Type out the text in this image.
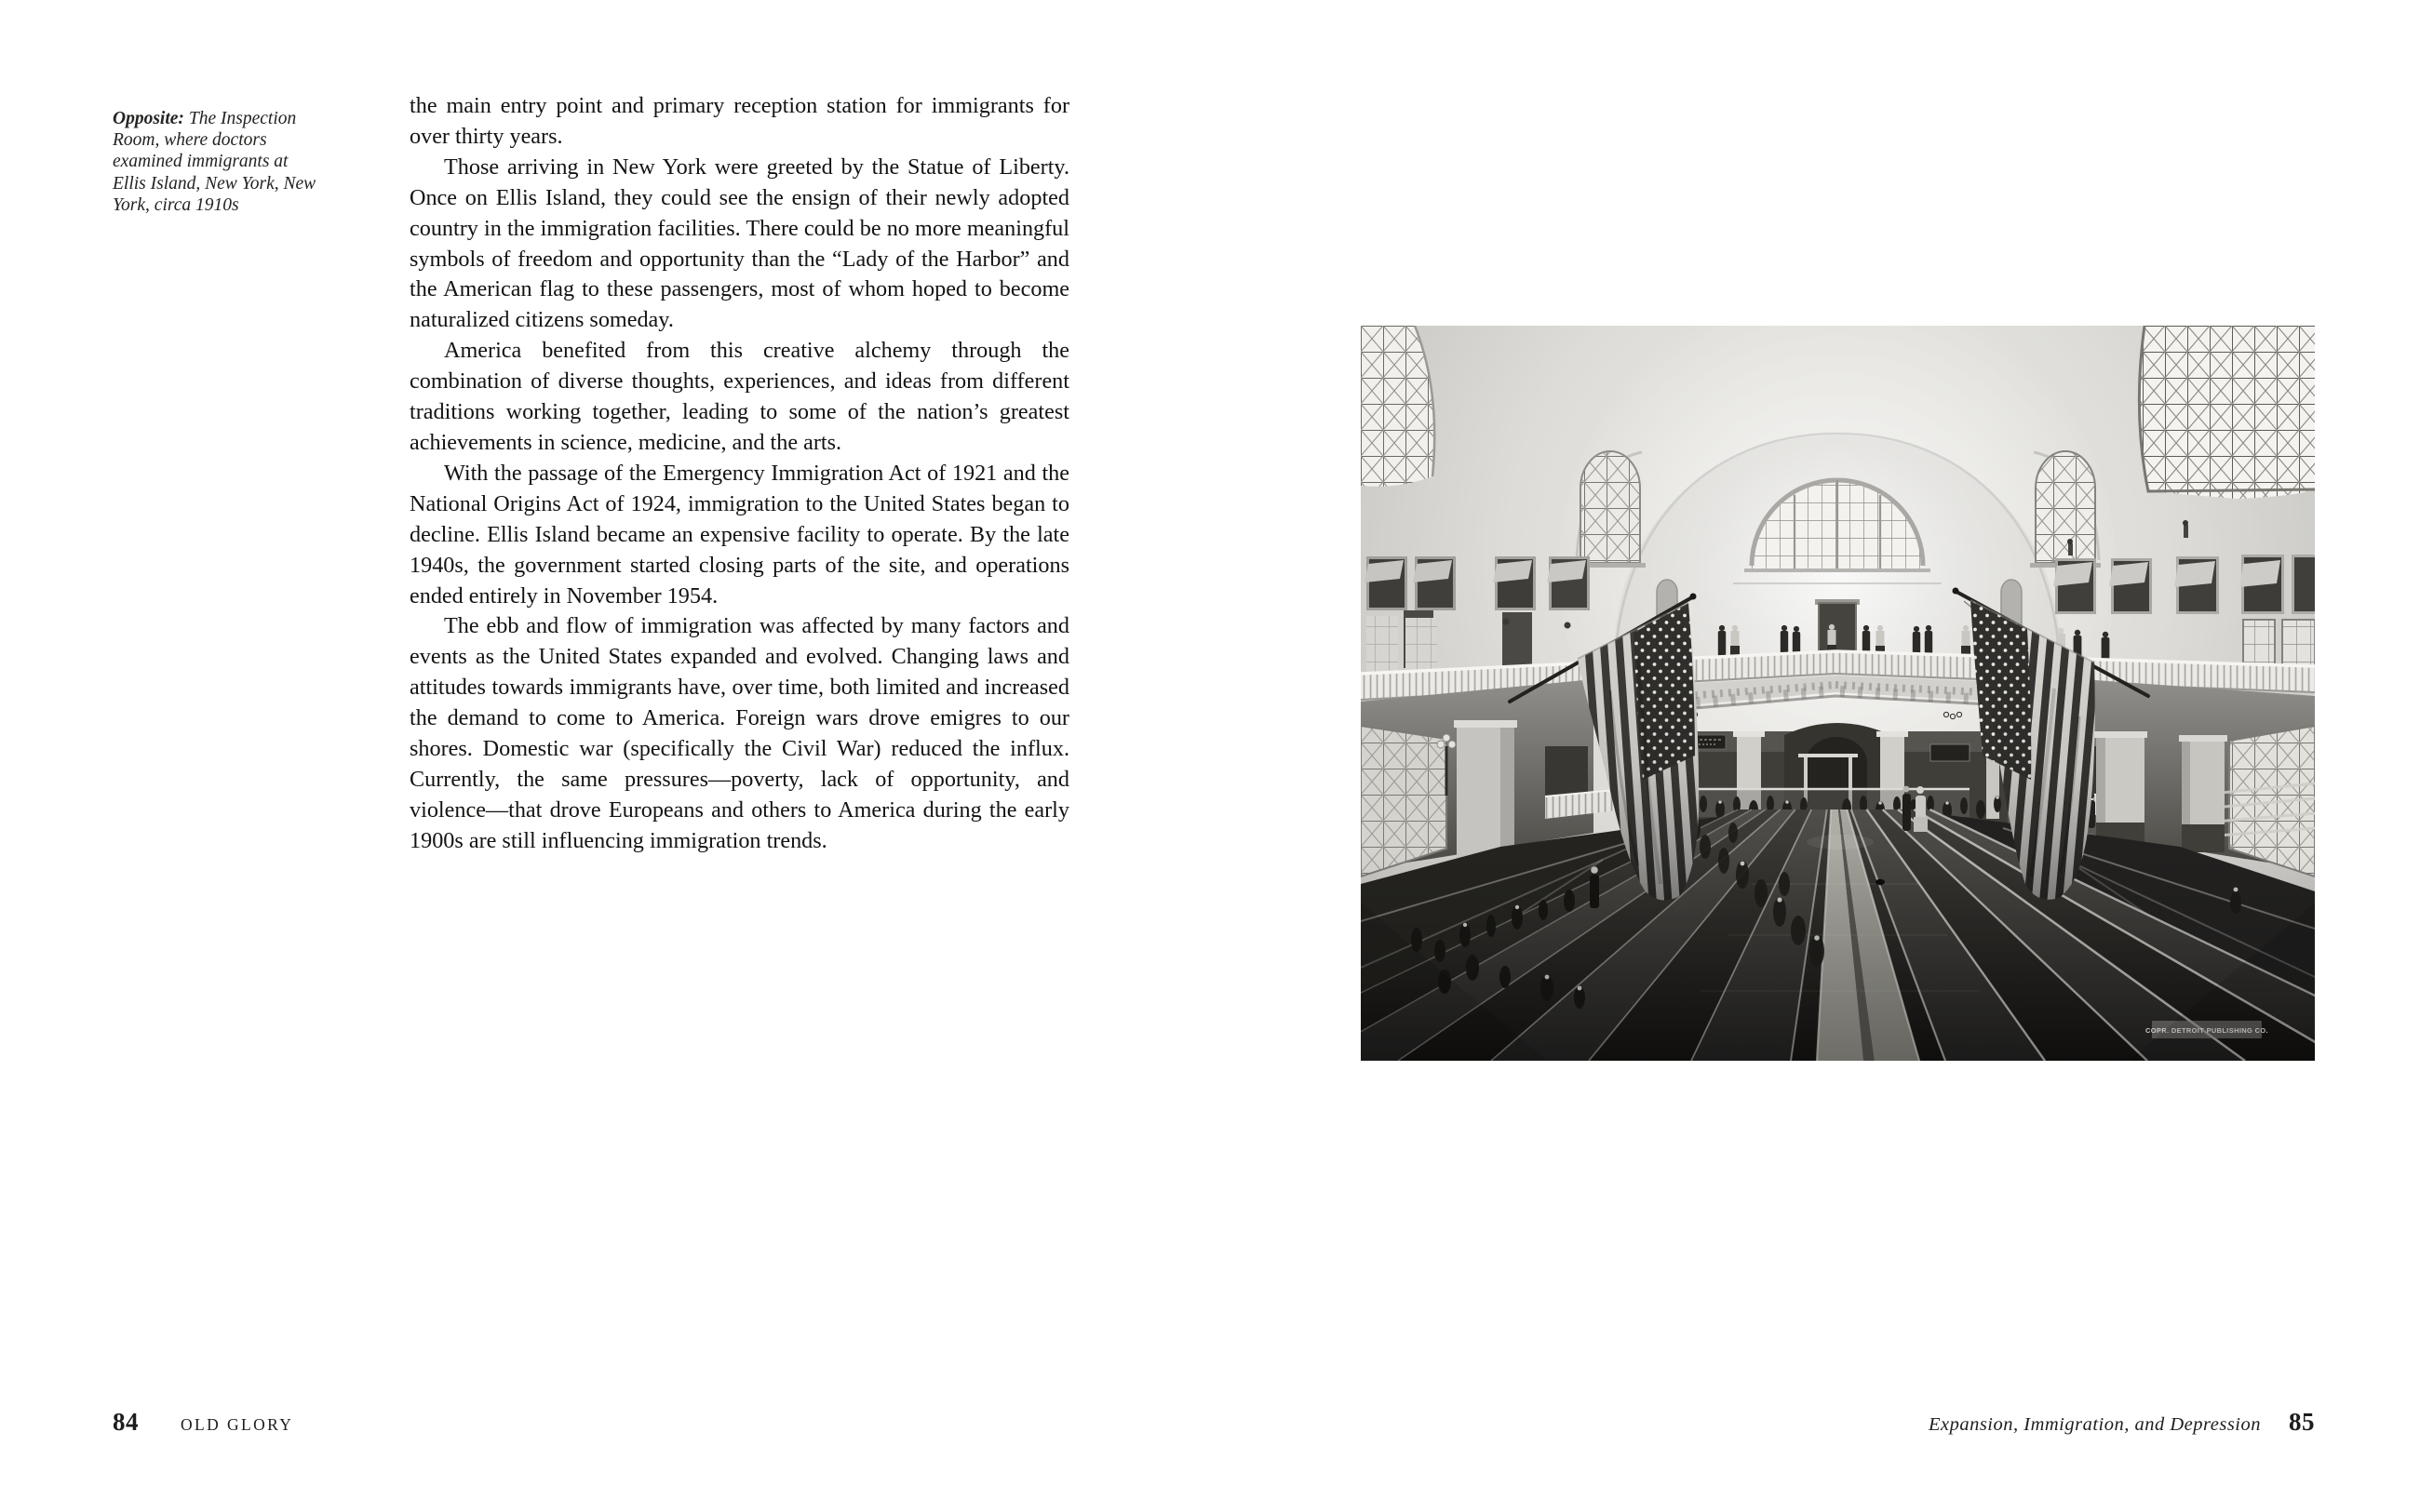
Opposite: The Inspection Room, where doctors examined immigrants at Ellis Island, New York, New York, circa 1910s

the main entry point and primary reception station for immigrants for over thirty years.

Those arriving in New York were greeted by the Statue of Liberty. Once on Ellis Island, they could see the ensign of their newly adopted country in the immigration facilities. There could be no more meaningful symbols of freedom and opportunity than the “Lady of the Harbor” and the American flag to these passengers, most of whom hoped to become naturalized citizens someday.

America benefited from this creative alchemy through the combination of diverse thoughts, experiences, and ideas from different traditions working together, leading to some of the nation’s greatest achievements in science, medicine, and the arts.

With the passage of the Emergency Immigration Act of 1921 and the National Origins Act of 1924, immigration to the United States began to decline. Ellis Island became an expensive facility to operate. By the late 1940s, the government started closing parts of the site, and operations ended entirely in November 1954.

The ebb and flow of immigration was affected by many factors and events as the United States expanded and evolved. Changing laws and attitudes towards immigrants have, over time, both limited and increased the demand to come to America. Foreign wars drove emigres to our shores. Domestic war (specifically the Civil War) reduced the influx. Currently, the same pressures—poverty, lack of opportunity, and violence—that drove Europeans and others to America during the early 1900s are still influencing immigration trends.

84	OLD GLORY	Expansion, Immigration, and Depression 85
